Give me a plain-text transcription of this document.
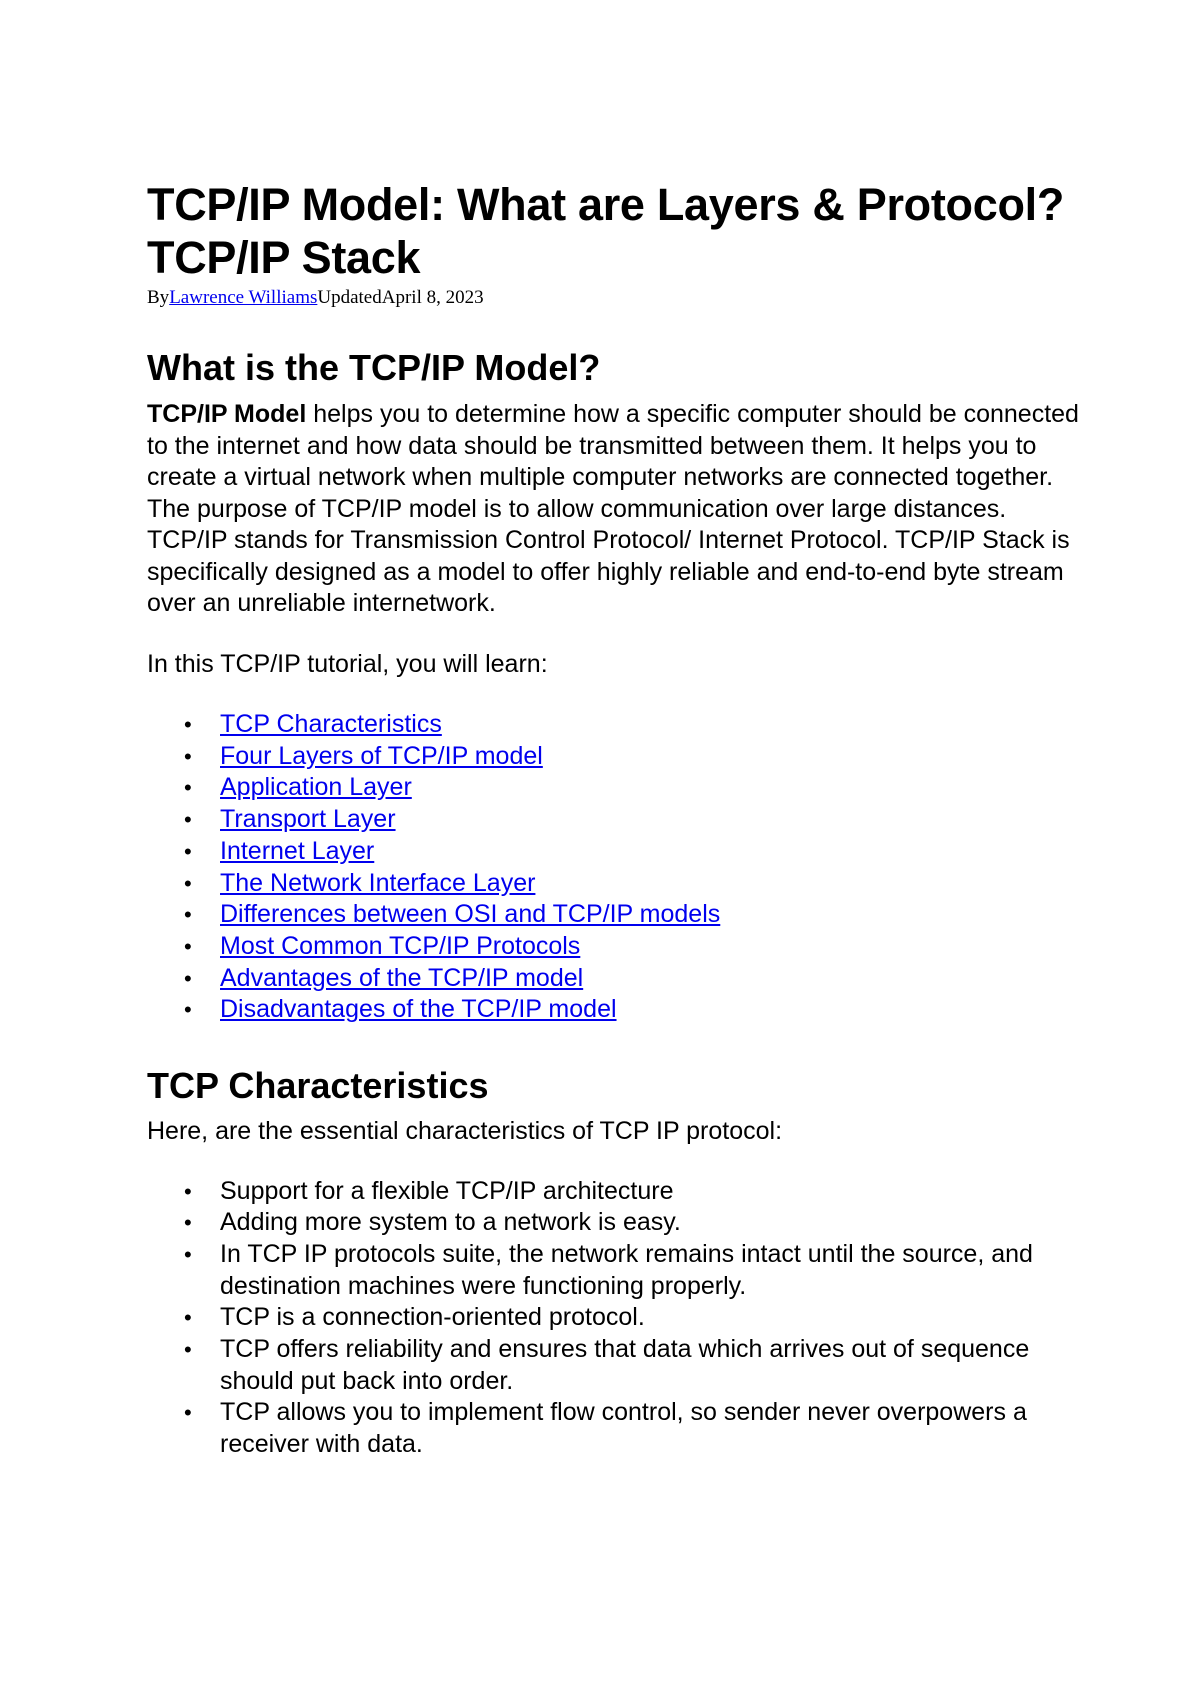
TCP/IP Model: What are Layers & Protocol? TCP/IP Stack
ByLawrence WilliamsUpdatedApril 8, 2023
What is the TCP/IP Model?

TCP/IP Model helps you to determine how a specific computer should be connected to the internet and how data should be transmitted between them. It helps you to create a virtual network when multiple computer networks are connected together. The purpose of TCP/IP model is to allow communication over large distances.

TCP/IP stands for Transmission Control Protocol/ Internet Protocol. TCP/IP Stack is specifically designed as a model to offer highly reliable and end-to-end byte stream over an unreliable internetwork.

In this TCP/IP tutorial, you will learn:

• TCP Characteristics
• Four Layers of TCP/IP model
• Application Layer
• Transport Layer
• Internet Layer
• The Network Interface Layer
• Differences between OSI and TCP/IP models
• Most Common TCP/IP Protocols
• Advantages of the TCP/IP model
• Disadvantages of the TCP/IP model
TCP Characteristics

Here, are the essential characteristics of TCP IP protocol:

• Support for a flexible TCP/IP architecture
• Adding more system to a network is easy.
• In TCP IP protocols suite, the network remains intact until the source, and destination machines were functioning properly.
• TCP is a connection-oriented protocol.
• TCP offers reliability and ensures that data which arrives out of sequence should put back into order.
• TCP allows you to implement flow control, so sender never overpowers a receiver with data.
